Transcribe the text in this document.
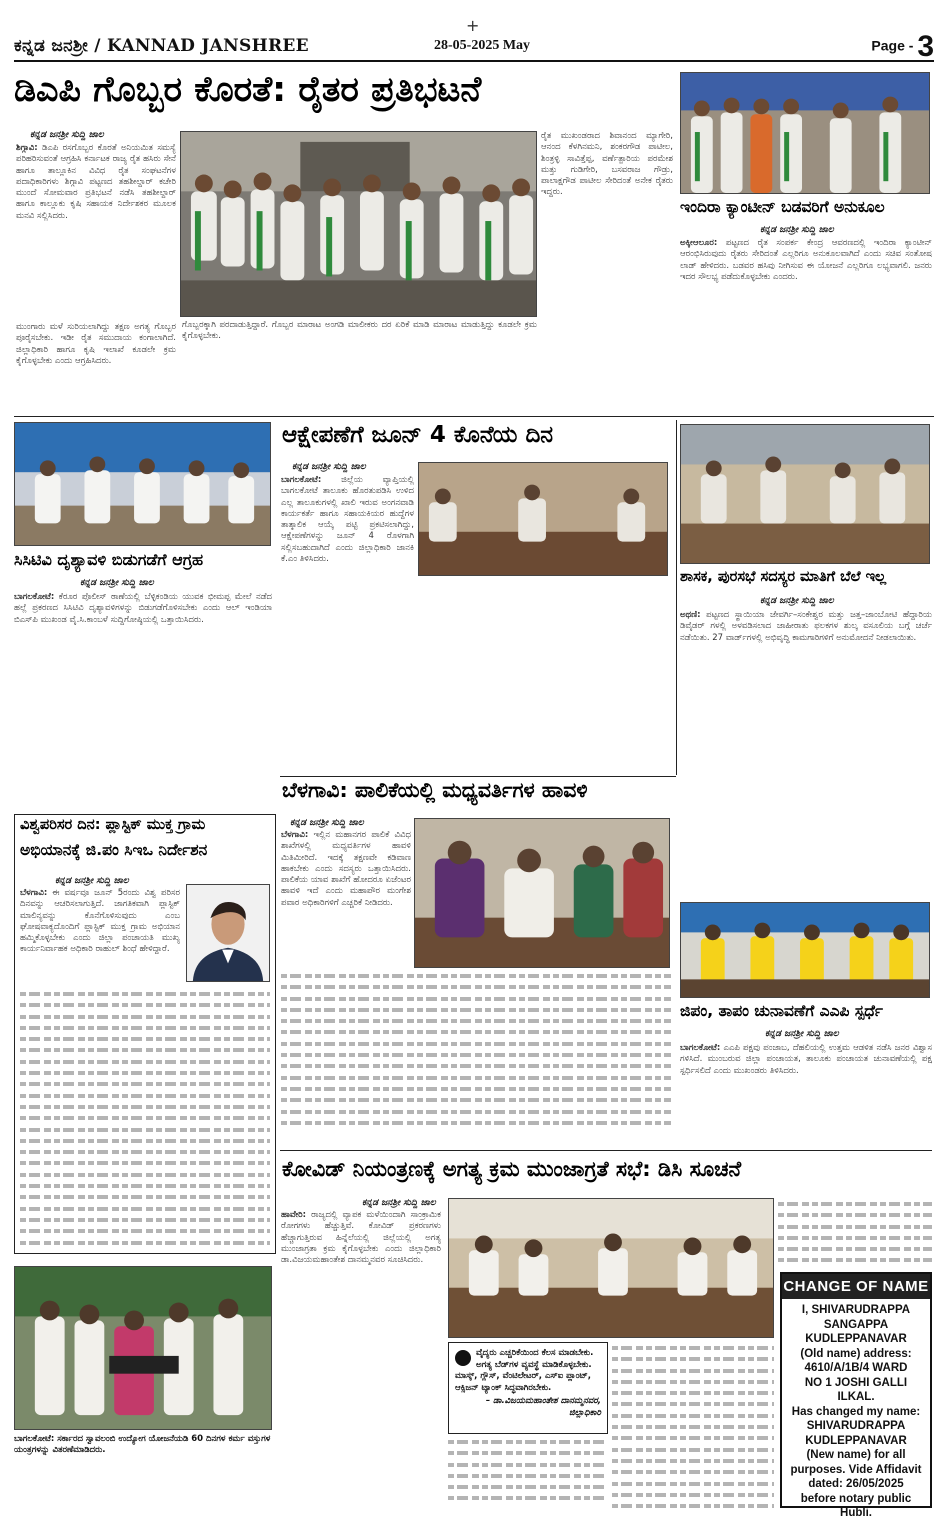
+
ಕನ್ನಡ ಜನಶ್ರೀ / KANNAD JANSHREE	28-05-2025 May	Page - 3
ಡಿಎಪಿ ಗೊಬ್ಬರ ಕೊರತೆ: ರೈತರ ಪ್ರತಿಭಟನೆ
ಕನ್ನಡ ಜನಶ್ರೀ ಸುದ್ದಿ ಜಾಲ
ಶಿಗ್ಗಾವಿ: ಡಿಎಪಿ ರಸಗೊಬ್ಬರ ಕೊರತೆ ಅನಿಯಮಿತ ಸಮಸ್ಯೆ ಪರಿಹರಿಸುವಂತೆ ಆಗ್ರಹಿಸಿ ಕರ್ನಾಟಕ ರಾಜ್ಯ ರೈತ ಹಸಿರು ಸೇನೆ ಹಾಗೂ ತಾಲ್ಲೂಕಿನ ವಿವಿಧ ರೈತ ಸಂಘಟನೆಗಳ ಪದಾಧಿಕಾರಿಗಳು ಶಿಗ್ಗಾವಿ ಪಟ್ಟಣದ ತಹಶೀಲ್ದಾರ್ ಕಚೇರಿ ಮುಂದೆ ಸೋಮವಾರ ಪ್ರತಿಭಟನೆ ನಡೆಸಿ ತಹಶೀಲ್ದಾರ್ ಹಾಗೂ ಕಾಲ್ಲೂಕು ಕೃಷಿ ಸಹಾಯಕ ನಿರ್ದೇಶಕರ ಮೂಲಕ ಮನವಿ ಸಲ್ಲಿಸಿದರು.
ಮುಂಗಾರು ಮಳೆ ಸುರಿಯಲಾಗಿದ್ದು ತಕ್ಷಣ ಅಗತ್ಯ ಗೊಬ್ಬರ ಪೂರೈಸಬೇಕು. ಇಡೀ ರೈತ ಸಮುದಾಯ ಕಂಗಾಲಾಗಿದೆ. ಜಿಲ್ಲಾಧಿಕಾರಿ ಹಾಗೂ ಕೃಷಿ ಇಲಾಖೆ ಕೂಡಲೇ ಕ್ರಮ ಕೈಗೊಳ್ಳಬೇಕು ಎಂದು ಆಗ್ರಹಿಸಿದರು.
ಗೊಬ್ಬರಕ್ಕಾಗಿ ಪರದಾಡುತ್ತಿದ್ದಾರೆ. ಗೊಬ್ಬರ ಮಾರಾಟ ಅಂಗಡಿ ಮಾಲೀಕರು ದರ ಏರಿಕೆ ಮಾಡಿ ಮಾರಾಟ ಮಾಡುತ್ತಿದ್ದು ಕೂಡಲೇ ಕ್ರಮ ಕೈಗೊಳ್ಳಬೇಕು.
ರೈತ ಮುಖಂಡರಾದ ಶಿವಾನಂದ ಮ್ಯಾಗೇರಿ, ಆನಂದ ಕೆಳಗಿನಮನಿ, ಶಂಕರಗೌಡ ಪಾಟೀಲ, ಶಿಂತ್ರಳ್ಳಿ ಸಾವಿತ್ತೆಪ್ಪ, ವರ್ಣೆತ್ಪಾರಿಯ ಪರಮೇಶ ಮತ್ತು ಗುಡಿಗೇರಿ, ಬಸವರಾಜ ಗೌಡ್ರು, ಪಾಲಾಕ್ಷಗೌಡ ಪಾಟೀಲ ಸೇರಿದಂತೆ ಅನೇಕ ರೈತರು ಇದ್ದರು.
ಇಂದಿರಾ ಕ್ಯಾಂಟೀನ್ ಬಡವರಿಗೆ ಅನುಕೂಲ
ಕನ್ನಡ ಜನಶ್ರೀ ಸುದ್ದಿ ಜಾಲ
ಅಕ್ಕೀಆಲೂರ: ಪಟ್ಟಣದ ರೈತ ಸಂಪರ್ಕ ಕೇಂದ್ರ ಆವರಣದಲ್ಲಿ ಇಂದಿರಾ ಕ್ಯಾಂಟೀನ್ ಆರಂಭಿಸಿರುವುದು ರೈತರು ಸೇರಿದಂತೆ ಎಲ್ಲರಿಗೂ ಅನುಕೂಲವಾಗಿದೆ ಎಂದು ಸಚಿವ ಸಂತೋಷ ಲಾಡ್ ಹೇಳಿದರು. ಬಡವರ ಹಸಿವು ನೀಗಿಸುವ ಈ ಯೋಜನೆ ಎಲ್ಲರಿಗೂ ಲಭ್ಯವಾಗಲಿ. ಜನರು ಇದರ ಸೌಲಭ್ಯ ಪಡೆದುಕೊಳ್ಳಬೇಕು ಎಂದರು.
ಸಿಸಿಟಿವಿ ದೃಶ್ಯಾವಳಿ ಬಿಡುಗಡೆಗೆ ಆಗ್ರಹ
ಕನ್ನಡ ಜನಶ್ರೀ ಸುದ್ದಿ ಜಾಲ
ಬಾಗಲಕೋಟೆ: ಕೆರೂರ ಪೊಲೀಸ್ ಠಾಣೆಯಲ್ಲಿ ಬೆಳ್ಳಿಕಂಡಿಯ ಯುವಕ ಭೀಮಪ್ಪ ಮೇಲೆ ನಡೆದ ಹಲ್ಲೆ ಪ್ರಕರಣದ ಸಿಸಿಟಿವಿ ದೃಶ್ಯಾವಳಿಗಳನ್ನು ಬಿಡುಗಡೆಗೊಳಿಸಬೇಕು ಎಂದು ಆಲ್ ಇಂಡಿಯಾ ಬಿಎಸ್‌ಪಿ ಮುಖಂಡ ವೈ.ಸಿ.ಕಾಂಬಳೆ ಸುದ್ದಿಗೋಷ್ಠಿಯಲ್ಲಿ ಒತ್ತಾಯಿಸಿದರು.
ಆಕ್ಷೇಪಣೆಗೆ ಜೂನ್ 4 ಕೊನೆಯ ದಿನ
ಕನ್ನಡ ಜನಶ್ರೀ ಸುದ್ದಿ ಜಾಲ
ಬಾಗಲಕೋಟೆ: ಜಿಲ್ಲೆಯ ವ್ಯಾಪ್ತಿಯಲ್ಲಿ ಬಾಗಲಕೋಟೆ ತಾಲೂಕು ಹೊರತುಪಡಿಸಿ ಉಳಿದ ಎಲ್ಲ ತಾಲೂಕುಗಳಲ್ಲಿ ಖಾಲಿ ಇರುವ ಅಂಗನವಾಡಿ ಕಾರ್ಯಕರ್ತೆ ಹಾಗೂ ಸಹಾಯಕಿಯರ ಹುದ್ದೆಗಳ ತಾತ್ಕಾಲಿಕ ಆಯ್ಕೆ ಪಟ್ಟಿ ಪ್ರಕಟಿಸಲಾಗಿದ್ದು, ಆಕ್ಷೇಪಣೆಗಳನ್ನು ಜೂನ್ 4 ರೊಳಗಾಗಿ ಸಲ್ಲಿಸಬಹುದಾಗಿದೆ ಎಂದು ಜಿಲ್ಲಾಧಿಕಾರಿ ಜಾನಕಿ ಕೆ.ಎಂ ತಿಳಿಸಿದರು.
ಶಾಸಕ, ಪುರಸಭೆ ಸದಸ್ಯರ ಮಾತಿಗೆ ಬೆಲೆ ಇಲ್ಲ
ಕನ್ನಡ ಜನಶ್ರೀ ಸುದ್ದಿ ಜಾಲ
ಅಥಣಿ: ಪಟ್ಟಣದ ಸ್ಥಾಯಿಯಾ ಜೇವರ್ಗಿ–ಸಂಕೇಶ್ವರ ಮತ್ತು ಜತ್ತ–ಜಾಂಬೋಟಿ ಹೆದ್ದಾರಿಯ ಡಿವೈಡರ್ ಗಳಲ್ಲಿ ಅಳವಡಿಸಲಾದ ಜಾಹೀರಾತು ಫಲಕಗಳ ಶುಲ್ಕ ವಸೂಲಿಯ ಬಗ್ಗೆ ಚರ್ಚೆ ನಡೆಯಿತು. 27 ವಾರ್ಡ್‌ಗಳಲ್ಲಿ ಅಭಿವೃದ್ಧಿ ಕಾಮಗಾರಿಗಳಿಗೆ ಅನುಮೋದನೆ ನೀಡಲಾಯಿತು.
ಬೆಳಗಾವಿ: ಪಾಲಿಕೆಯಲ್ಲಿ ಮಧ್ಯವರ್ತಿಗಳ ಹಾವಳಿ
ಕನ್ನಡ ಜನಶ್ರೀ ಸುದ್ದಿ ಜಾಲ
ಬೆಳಗಾವಿ: ಇಲ್ಲಿನ ಮಹಾನಗರ ಪಾಲಿಕೆ ವಿವಿಧ ಶಾಖೆಗಳಲ್ಲಿ ಮಧ್ಯವರ್ತಿಗಳ ಹಾವಳಿ ಮಿತಿಮೀರಿದೆ. ಇದಕ್ಕೆ ತಕ್ಷಣವೇ ಕಡಿವಾಣ ಹಾಕಬೇಕು ಎಂದು ಸದಸ್ಯರು ಒತ್ತಾಯಿಸಿದರು. ಪಾಲಿಕೆಯ ಯಾವ ಶಾಖೆಗೆ ಹೋದರೂ ಏಜೆಂಟರ ಹಾವಳಿ ಇದೆ ಎಂದು ಮಹಾಪೌರ ಮಂಗೇಶ ಪವಾರ ಅಧಿಕಾರಿಗಳಿಗೆ ಎಚ್ಚರಿಕೆ ನೀಡಿದರು.
ವಿಶ್ವಪರಿಸರ ದಿನ: ಪ್ಲಾಸ್ಟಿಕ್ ಮುಕ್ತ ಗ್ರಾಮ
ಅಭಿಯಾನಕ್ಕೆ ಜಿ.ಪಂ ಸಿಇಒ ನಿರ್ದೇಶನ
ಕನ್ನಡ ಜನಶ್ರೀ ಸುದ್ದಿ ಜಾಲ
ಬೆಳಗಾವಿ: ಈ ವರ್ಷವೂ ಜೂನ್ 5ರಂದು ವಿಶ್ವ ಪರಿಸರ ದಿನವನ್ನು ಆಚರಿಸಲಾಗುತ್ತಿದೆ. ಜಾಗತಿಕವಾಗಿ ಪ್ಲಾಸ್ಟಿಕ್ ಮಾಲಿನ್ಯವನ್ನು ಕೊನೆಗೊಳಿಸುವುದು ಎಂಬ ಘೋಷವಾಕ್ಯದೊಂದಿಗೆ ಪ್ಲಾಸ್ಟಿಕ್ ಮುಕ್ತ ಗ್ರಾಮ ಅಭಿಯಾನ ಹಮ್ಮಿಕೊಳ್ಳಬೇಕು ಎಂದು ಜಿಲ್ಲಾ ಪಂಚಾಯತಿ ಮುಖ್ಯ ಕಾರ್ಯನಿರ್ವಾಹಕ ಅಧಿಕಾರಿ ರಾಹುಲ್ ಶಿಂಧೆ ಹೇಳಿದ್ದಾರೆ.
ಜಿಪಂ, ತಾಪಂ ಚುನಾವಣೆಗೆ ಎಎಪಿ ಸ್ಪರ್ಧೆ
ಕನ್ನಡ ಜನಶ್ರೀ ಸುದ್ದಿ ಜಾಲ
ಬಾಗಲಕೋಟೆ: ಎಎಪಿ ಪಕ್ಷವು ಪಂಜಾಬ, ದೆಹಲಿಯಲ್ಲಿ ಉತ್ತಮ ಆಡಳಿತ ನಡೆಸಿ ಜನರ ವಿಶ್ವಾಸ ಗಳಿಸಿದೆ. ಮುಂಬರುವ ಜಿಲ್ಲಾ ಪಂಚಾಯತ, ತಾಲೂಕು ಪಂಚಾಯತ ಚುನಾವಣೆಯಲ್ಲಿ ಪಕ್ಷ ಸ್ಪರ್ಧಿಸಲಿದೆ ಎಂದು ಮುಖಂಡರು ತಿಳಿಸಿದರು.
ಕೋವಿಡ್ ನಿಯಂತ್ರಣಕ್ಕೆ ಅಗತ್ಯ ಕ್ರಮ ಮುಂಜಾಗ್ರತೆ ಸಭೆ: ಡಿಸಿ ಸೂಚನೆ
ಕನ್ನಡ ಜನಶ್ರೀ ಸುದ್ದಿ ಜಾಲ
ಹಾವೇರಿ: ರಾಜ್ಯದಲ್ಲಿ ವ್ಯಾಪಕ ಮಳೆಯಿಂದಾಗಿ ಸಾಂಕ್ರಾಮಿಕ ರೋಗಗಳು ಹೆಚ್ಚುತ್ತಿವೆ. ಕೋವಿಡ್ ಪ್ರಕರಣಗಳು ಹೆಚ್ಚಾಗುತ್ತಿರುವ ಹಿನ್ನೆಲೆಯಲ್ಲಿ ಜಿಲ್ಲೆಯಲ್ಲಿ ಅಗತ್ಯ ಮುಂಜಾಗ್ರತಾ ಕ್ರಮ ಕೈಗೊಳ್ಳಬೇಕು ಎಂದು ಜಿಲ್ಲಾಧಿಕಾರಿ ಡಾ.ವಿಜಯಮಹಾಂತೇಶ ದಾನಮ್ಮನವರ ಸೂಚಿಸಿದರು.
ವೈದ್ಯರು ಎಚ್ಚರಿಕೆಯಿಂದ ಕೆಲಸ ಮಾಡಬೇಕು. ಅಗತ್ಯ ಬೆಡ್‌ಗಳ ವ್ಯವಸ್ಥೆ ಮಾಡಿಕೊಳ್ಳಬೇಕು. ಮಾಸ್ಕ್, ಗ್ಲೌಸ್, ವೆಂಟಿಲೇಟರ್, ಎಸ್‌ಐ ಪ್ಲಾಂಟ್, ಆಕ್ಸಿಜನ್ ಟ್ಯಾಂಕ್ ಸಿದ್ಧವಾಗಿರಬೇಕು.
– ಡಾ.ವಿಜಯಮಹಾಂತೇಶ ದಾನಮ್ಮನವರ, ಜಿಲ್ಲಾಧಿಕಾರಿ
CHANGE OF NAME
I, SHIVARUDRAPPA
SANGAPPA
KUDLEPPANAVAR
(Old name) address:
4610/A/1B/4 WARD
NO 1 JOSHI GALLI ILKAL.
Has changed my name:
SHIVARUDRAPPA
KUDLEPPANAVAR
(New name) for all
purposes. Vide Affidavit
dated: 26/05/2025
before notary public Hubli.
ಬಾಗಲಕೋಟೆ: ಸರ್ಕಾರದ ಸ್ವಾವಲಂಬಿ ಉದ್ಯೋಗ ಯೋಜನೆಯಡಿ 60 ದಿನಗಳ ಕರ್ಮ ವಸ್ತುಗಳ ಯಂತ್ರಗಳನ್ನು ವಿತರಣೆಮಾಡಿದರು.
